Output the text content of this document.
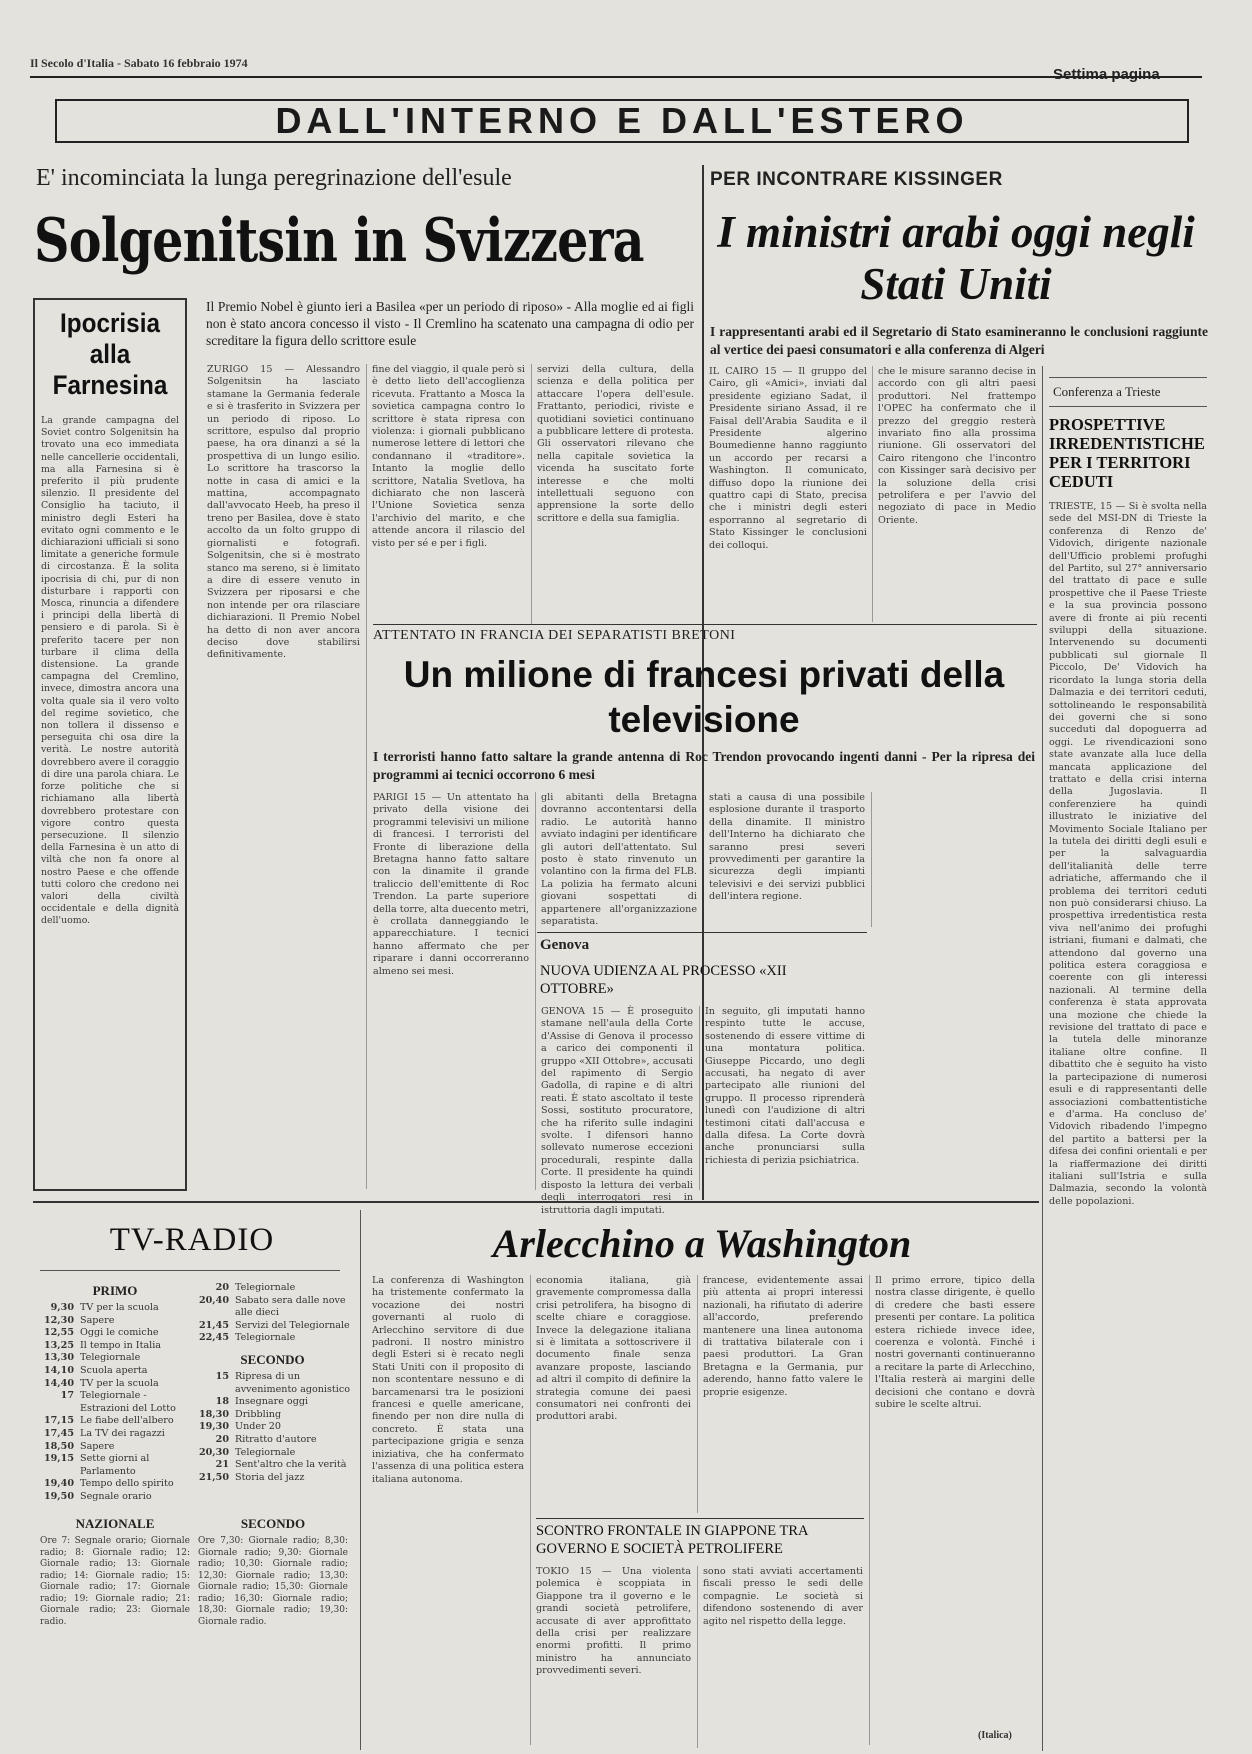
Il Secolo d'Italia - Sabato 16 febbraio 1974
Settima pagina
DALL'INTERNO E DALL'ESTERO
E' incominciata la lunga peregrinazione dell'esule
Solgenitsin in Svizzera
Ipocrisia alla Farnesina
La grande campagna del Soviet contro Solgenitsin ha trovato una eco immediata nelle cancellerie occidentali, ma alla Farnesina si è preferito il più prudente silenzio. Il presidente del Consiglio ha taciuto, il ministro degli Esteri ha evitato ogni commento e le dichiarazioni ufficiali si sono limitate a generiche formule di circostanza. È la solita ipocrisia di chi, pur di non disturbare i rapporti con Mosca, rinuncia a difendere i principi della libertà di pensiero e di parola. Si è preferito tacere per non turbare il clima della distensione. La grande campagna del Cremlino, invece, dimostra ancora una volta quale sia il vero volto del regime sovietico, che non tollera il dissenso e perseguita chi osa dire la verità. Le nostre autorità dovrebbero avere il coraggio di dire una parola chiara. Le forze politiche che si richiamano alla libertà dovrebbero protestare con vigore contro questa persecuzione. Il silenzio della Farnesina è un atto di viltà che non fa onore al nostro Paese e che offende tutti coloro che credono nei valori della civiltà occidentale e della dignità dell'uomo.
Il Premio Nobel è giunto ieri a Basilea «per un periodo di riposo» - Alla moglie ed ai figli non è stato ancora concesso il visto - Il Cremlino ha scatenato una campagna di odio per screditare la figura dello scrittore esule
ZURIGO 15 — Alessandro Solgenitsin ha lasciato stamane la Germania federale e si è trasferito in Svizzera per un periodo di riposo. Lo scrittore, espulso dal proprio paese, ha ora dinanzi a sé la prospettiva di un lungo esilio. Lo scrittore ha trascorso la notte in casa di amici e la mattina, accompagnato dall'avvocato Heeb, ha preso il treno per Basilea, dove è stato accolto da un folto gruppo di giornalisti e fotografi. Solgenitsin, che si è mostrato stanco ma sereno, si è limitato a dire di essere venuto in Svizzera per riposarsi e che non intende per ora rilasciare dichiarazioni. Il Premio Nobel ha detto di non aver ancora deciso dove stabilirsi definitivamente.
fine del viaggio, il quale però si è detto lieto dell'accoglienza ricevuta. Frattanto a Mosca la sovietica campagna contro lo scrittore è stata ripresa con violenza: i giornali pubblicano numerose lettere di lettori che condannano il «traditore». Intanto la moglie dello scrittore, Natalia Svetlova, ha dichiarato che non lascerà l'Unione Sovietica senza l'archivio del marito, e che attende ancora il rilascio del visto per sé e per i figli.
servizi della cultura, della scienza e della politica per attaccare l'opera dell'esule. Frattanto, periodici, riviste e quotidiani sovietici continuano a pubblicare lettere di protesta. Gli osservatori rilevano che nella capitale sovietica la vicenda ha suscitato forte interesse e che molti intellettuali seguono con apprensione la sorte dello scrittore e della sua famiglia.
PER INCONTRARE KISSINGER
I ministri arabi oggi negli Stati Uniti
I rappresentanti arabi ed il Segretario di Stato esamineranno le conclusioni raggiunte al vertice dei paesi consumatori e alla conferenza di Algeri
IL CAIRO 15 — Il gruppo del Cairo, gli «Amici», inviati dal presidente egiziano Sadat, il Presidente siriano Assad, il re Faisal dell'Arabia Saudita e il Presidente algerino Boumedienne hanno raggiunto un accordo per recarsi a Washington. Il comunicato, diffuso dopo la riunione dei quattro capi di Stato, precisa che i ministri degli esteri esporranno al segretario di Stato Kissinger le conclusioni dei colloqui.
che le misure saranno decise in accordo con gli altri paesi produttori. Nel frattempo l'OPEC ha confermato che il prezzo del greggio resterà invariato fino alla prossima riunione. Gli osservatori del Cairo ritengono che l'incontro con Kissinger sarà decisivo per la soluzione della crisi petrolifera e per l'avvio del negoziato di pace in Medio Oriente.
Conferenza a Trieste
PROSPETTIVE IRREDENTISTICHE PER I TERRITORI CEDUTI
TRIESTE, 15 — Si è svolta nella sede del MSI-DN di Trieste la conferenza di Renzo de' Vidovich, dirigente nazionale dell'Ufficio problemi profughi del Partito, sul 27° anniversario del trattato di pace e sulle prospettive che il Paese Trieste e la sua provincia possono avere di fronte ai più recenti sviluppi della situazione. Intervenendo su documenti pubblicati sul giornale Il Piccolo, De' Vidovich ha ricordato la lunga storia della Dalmazia e dei territori ceduti, sottolineando le responsabilità dei governi che si sono succeduti dal dopoguerra ad oggi. Le rivendicazioni sono state avanzate alla luce della mancata applicazione del trattato e della crisi interna della Jugoslavia. Il conferenziere ha quindi illustrato le iniziative del Movimento Sociale Italiano per la tutela dei diritti degli esuli e per la salvaguardia dell'italianità delle terre adriatiche, affermando che il problema dei territori ceduti non può considerarsi chiuso. La prospettiva irredentistica resta viva nell'animo dei profughi istriani, fiumani e dalmati, che attendono dal governo una politica estera coraggiosa e coerente con gli interessi nazionali. Al termine della conferenza è stata approvata una mozione che chiede la revisione del trattato di pace e la tutela delle minoranze italiane oltre confine. Il dibattito che è seguito ha visto la partecipazione di numerosi esuli e di rappresentanti delle associazioni combattentistiche e d'arma. Ha concluso de' Vidovich ribadendo l'impegno del partito a battersi per la difesa dei confini orientali e per la riaffermazione dei diritti italiani sull'Istria e sulla Dalmazia, secondo la volontà delle popolazioni.
ATTENTATO IN FRANCIA DEI SEPARATISTI BRETONI
Un milione di francesi privati della televisione
I terroristi hanno fatto saltare la grande antenna di Roc Trendon provocando ingenti danni - Per la ripresa dei programmi ai tecnici occorrono 6 mesi
PARIGI 15 — Un attentato ha privato della visione dei programmi televisivi un milione di francesi. I terroristi del Fronte di liberazione della Bretagna hanno fatto saltare con la dinamite il grande traliccio dell'emittente di Roc Trendon. La parte superiore della torre, alta duecento metri, è crollata danneggiando le apparecchiature. I tecnici hanno affermato che per riparare i danni occorreranno almeno sei mesi.
gli abitanti della Bretagna dovranno accontentarsi della radio. Le autorità hanno avviato indagini per identificare gli autori dell'attentato. Sul posto è stato rinvenuto un volantino con la firma del FLB. La polizia ha fermato alcuni giovani sospettati di appartenere all'organizzazione separatista.
stati a causa di una possibile esplosione durante il trasporto della dinamite. Il ministro dell'Interno ha dichiarato che saranno presi severi provvedimenti per garantire la sicurezza degli impianti televisivi e dei servizi pubblici dell'intera regione.
Genova
NUOVA UDIENZA AL PROCESSO «XII OTTOBRE»
GENOVA 15 — È proseguito stamane nell'aula della Corte d'Assise di Genova il processo a carico dei componenti il gruppo «XII Ottobre», accusati del rapimento di Sergio Gadolla, di rapine e di altri reati. È stato ascoltato il teste Sossi, sostituto procuratore, che ha riferito sulle indagini svolte. I difensori hanno sollevato numerose eccezioni procedurali, respinte dalla Corte. Il presidente ha quindi disposto la lettura dei verbali degli interrogatori resi in istruttoria dagli imputati.
In seguito, gli imputati hanno respinto tutte le accuse, sostenendo di essere vittime di una montatura politica. Giuseppe Piccardo, uno degli accusati, ha negato di aver partecipato alle riunioni del gruppo. Il processo riprenderà lunedì con l'audizione di altri testimoni citati dall'accusa e dalla difesa. La Corte dovrà anche pronunciarsi sulla richiesta di perizia psichiatrica.
TV-RADIO
PRIMO
9,30 TV per la scuola
12,30 Sapere
12,55 Oggi le comiche
13,25 Il tempo in Italia
13,30 Telegiornale
14,10 Scuola aperta
14,40 TV per la scuola
17 Telegiornale - Estrazioni del Lotto
17,15 Le fiabe dell'albero
17,45 La TV dei ragazzi
18,50 Sapere
19,15 Sette giorni al Parlamento
19,40 Tempo dello spirito
19,50 Segnale orario
20 Telegiornale
20,40 Sabato sera dalle nove alle dieci
21,45 Servizi del Telegiornale
22,45 Telegiornale
SECONDO
15 Ripresa di un avvenimento agonistico
18 Insegnare oggi
18,30 Dribbling
19,30 Under 20
20 Ritratto d'autore
20,30 Telegiornale
21 Sent'altro che la verità
21,50 Storia del jazz
NAZIONALE
Ore 7: Segnale orario; Giornale radio; 8: Giornale radio; 12: Giornale radio; 13: Giornale radio; 14: Giornale radio; 15: Giornale radio; 17: Giornale radio; 19: Giornale radio; 21: Giornale radio; 23: Giornale radio.
SECONDO
Ore 7,30: Giornale radio; 8,30: Giornale radio; 9,30: Giornale radio; 10,30: Giornale radio; 12,30: Giornale radio; 13,30: Giornale radio; 15,30: Giornale radio; 16,30: Giornale radio; 18,30: Giornale radio; 19,30: Giornale radio.
Arlecchino a Washington
La conferenza di Washington ha tristemente confermato la vocazione dei nostri governanti al ruolo di Arlecchino servitore di due padroni. Il nostro ministro degli Esteri si è recato negli Stati Uniti con il proposito di non scontentare nessuno e di barcamenarsi tra le posizioni francesi e quelle americane, finendo per non dire nulla di concreto. È stata una partecipazione grigia e senza iniziativa, che ha confermato l'assenza di una politica estera italiana autonoma.
economia italiana, già gravemente compromessa dalla crisi petrolifera, ha bisogno di scelte chiare e coraggiose. Invece la delegazione italiana si è limitata a sottoscrivere il documento finale senza avanzare proposte, lasciando ad altri il compito di definire la strategia comune dei paesi consumatori nei confronti dei produttori arabi.
francese, evidentemente assai più attenta ai propri interessi nazionali, ha rifiutato di aderire all'accordo, preferendo mantenere una linea autonoma di trattativa bilaterale con i paesi produttori. La Gran Bretagna e la Germania, pur aderendo, hanno fatto valere le proprie esigenze.
Il primo errore, tipico della nostra classe dirigente, è quello di credere che basti essere presenti per contare. La politica estera richiede invece idee, coerenza e volontà. Finché i nostri governanti continueranno a recitare la parte di Arlecchino, l'Italia resterà ai margini delle decisioni che contano e dovrà subire le scelte altrui.
SCONTRO FRONTALE IN GIAPPONE TRA GOVERNO E SOCIETÀ PETROLIFERE
TOKIO 15 — Una violenta polemica è scoppiata in Giappone tra il governo e le grandi società petrolifere, accusate di aver approfittato della crisi per realizzare enormi profitti. Il primo ministro ha annunciato provvedimenti severi.
sono stati avviati accertamenti fiscali presso le sedi delle compagnie. Le società si difendono sostenendo di aver agito nel rispetto della legge.
(Italica)
